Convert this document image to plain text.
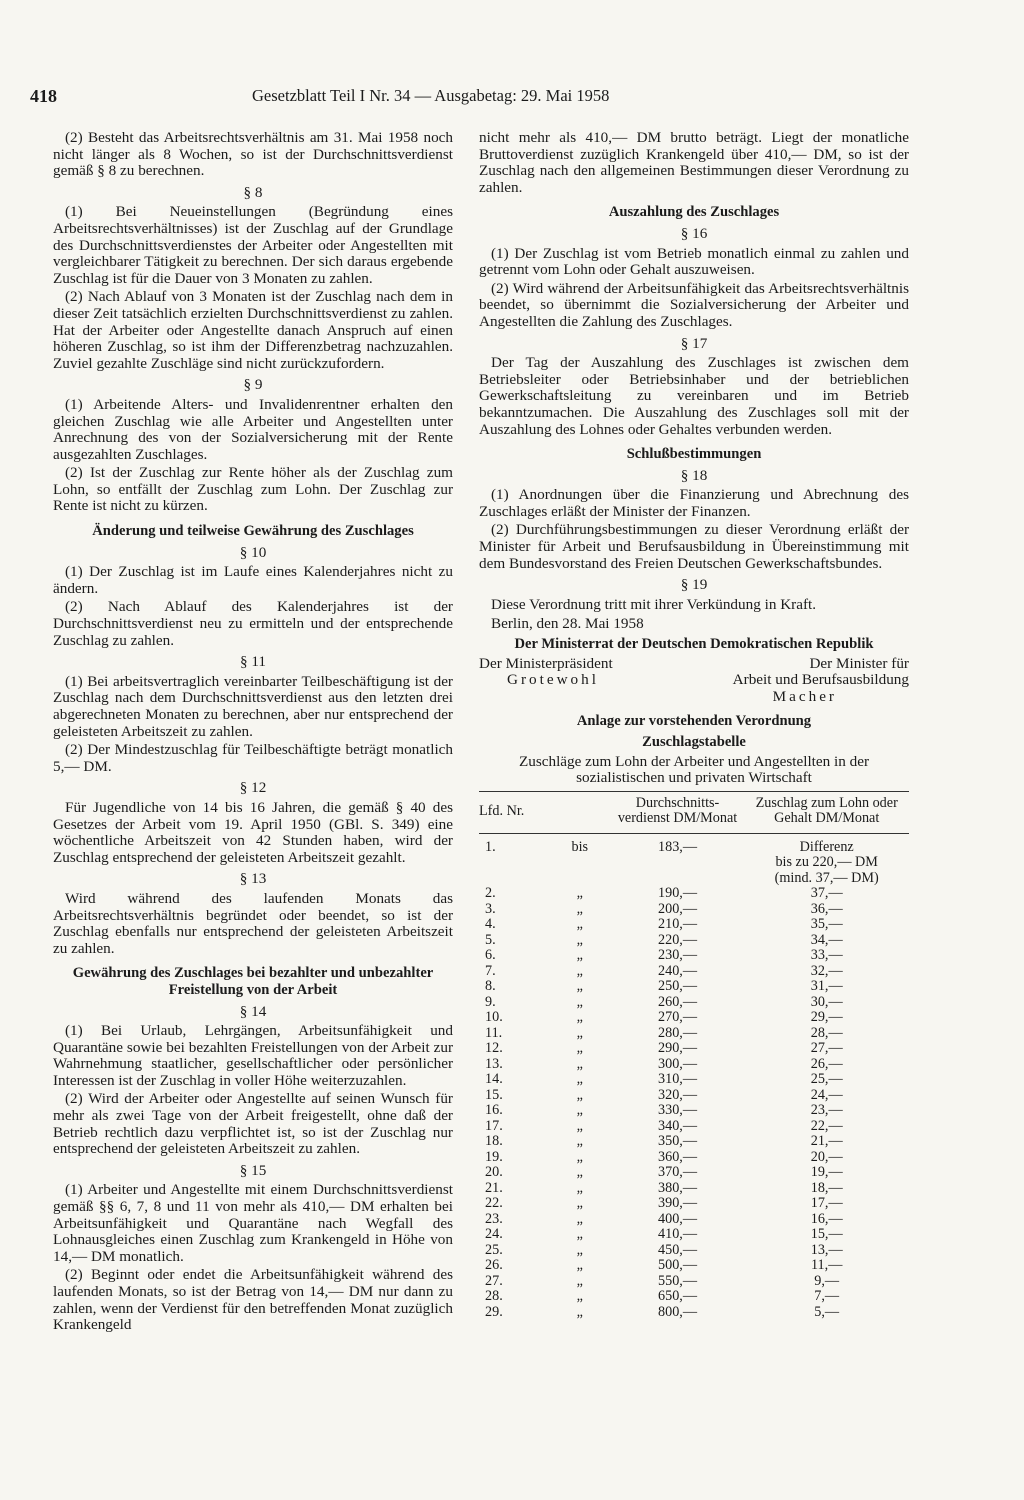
418	Gesetzblatt Teil I Nr. 34 — Ausgabetag: 29. Mai 1958

(2) Besteht das Arbeitsrechtsverhältnis am 31. Mai 1958 noch nicht länger als 8 Wochen, so ist der Durchschnittsverdienst gemäß § 8 zu berechnen.

§ 8

(1) Bei Neueinstellungen (Begründung eines Arbeitsrechtsverhältnisses) ist der Zuschlag auf der Grundlage des Durchschnittsverdienstes der Arbeiter oder Angestellten mit vergleichbarer Tätigkeit zu berechnen. Der sich daraus ergebende Zuschlag ist für die Dauer von 3 Monaten zu zahlen.

(2) Nach Ablauf von 3 Monaten ist der Zuschlag nach dem in dieser Zeit tatsächlich erzielten Durchschnittsverdienst zu zahlen. Hat der Arbeiter oder Angestellte danach Anspruch auf einen höheren Zuschlag, so ist ihm der Differenzbetrag nachzuzahlen. Zuviel gezahlte Zuschläge sind nicht zurückzufordern.

§ 9

(1) Arbeitende Alters- und Invalidenrentner erhalten den gleichen Zuschlag wie alle Arbeiter und Angestellten unter Anrechnung des von der Sozialversicherung mit der Rente ausgezahlten Zuschlages.

(2) Ist der Zuschlag zur Rente höher als der Zuschlag zum Lohn, so entfällt der Zuschlag zum Lohn. Der Zuschlag zur Rente ist nicht zu kürzen.

Änderung und teilweise Gewährung des Zuschlages
§ 10

(1) Der Zuschlag ist im Laufe eines Kalenderjahres nicht zu ändern.

(2) Nach Ablauf des Kalenderjahres ist der Durchschnittsverdienst neu zu ermitteln und der entsprechende Zuschlag zu zahlen.

§ 11

(1) Bei arbeitsvertraglich vereinbarter Teilbeschäftigung ist der Zuschlag nach dem Durchschnittsverdienst aus den letzten drei abgerechneten Monaten zu berechnen, aber nur entsprechend der geleisteten Arbeitszeit zu zahlen.

(2) Der Mindestzuschlag für Teilbeschäftigte beträgt monatlich 5,— DM.

§ 12

Für Jugendliche von 14 bis 16 Jahren, die gemäß § 40 des Gesetzes der Arbeit vom 19. April 1950 (GBl. S. 349) eine wöchentliche Arbeitszeit von 42 Stunden haben, wird der Zuschlag entsprechend der geleisteten Arbeitszeit gezahlt.

§ 13

Wird während des laufenden Monats das Arbeitsrechtsverhältnis begründet oder beendet, so ist der Zuschlag ebenfalls nur entsprechend der geleisteten Arbeitszeit zu zahlen.

Gewährung des Zuschlages bei bezahlter und unbezahlter Freistellung von der Arbeit
§ 14

(1) Bei Urlaub, Lehrgängen, Arbeitsunfähigkeit und Quarantäne sowie bei bezahlten Freistellungen von der Arbeit zur Wahrnehmung staatlicher, gesellschaftlicher oder persönlicher Interessen ist der Zuschlag in voller Höhe weiterzuzahlen.

(2) Wird der Arbeiter oder Angestellte auf seinen Wunsch für mehr als zwei Tage von der Arbeit freigestellt, ohne daß der Betrieb rechtlich dazu verpflichtet ist, so ist der Zuschlag nur entsprechend der geleisteten Arbeitszeit zu zahlen.

§ 15

(1) Arbeiter und Angestellte mit einem Durchschnittsverdienst gemäß §§ 6, 7, 8 und 11 von mehr als 410,— DM erhalten bei Arbeitsunfähigkeit und Quarantäne nach Wegfall des Lohnausgleiches einen Zuschlag zum Krankengeld in Höhe von 14,— DM monatlich.

(2) Beginnt oder endet die Arbeitsunfähigkeit während des laufenden Monats, so ist der Betrag von 14,— DM nur dann zu zahlen, wenn der Verdienst für den betreffenden Monat zuzüglich Krankengeld

nicht mehr als 410,— DM brutto beträgt. Liegt der monatliche Bruttoverdienst zuzüglich Krankengeld über 410,— DM, so ist der Zuschlag nach den allgemeinen Bestimmungen dieser Verordnung zu zahlen.

Auszahlung des Zuschlages
§ 16

(1) Der Zuschlag ist vom Betrieb monatlich einmal zu zahlen und getrennt vom Lohn oder Gehalt auszuweisen.

(2) Wird während der Arbeitsunfähigkeit das Arbeitsrechtsverhältnis beendet, so übernimmt die Sozialversicherung der Arbeiter und Angestellten die Zahlung des Zuschlages.

§ 17

Der Tag der Auszahlung des Zuschlages ist zwischen dem Betriebsleiter oder Betriebsinhaber und der betrieblichen Gewerkschaftsleitung zu vereinbaren und im Betrieb bekanntzumachen. Die Auszahlung des Zuschlages soll mit der Auszahlung des Lohnes oder Gehaltes verbunden werden.

Schlußbestimmungen
§ 18

(1) Anordnungen über die Finanzierung und Abrechnung des Zuschlages erläßt der Minister der Finanzen.

(2) Durchführungsbestimmungen zu dieser Verordnung erläßt der Minister für Arbeit und Berufsausbildung in Übereinstimmung mit dem Bundesvorstand des Freien Deutschen Gewerkschaftsbundes.

§ 19

Diese Verordnung tritt mit ihrer Verkündung in Kraft.

Berlin, den 28. Mai 1958

Der Ministerrat der Deutschen Demokratischen Republik
Der Ministerpräsident	Der Minister für
Grotewohl	Arbeit und Berufsausbildung
Macher
Anlage zur vorstehenden Verordnung
Zuschlagstabelle
Zuschläge zum Lohn der Arbeiter und Angestellten in der sozialistischen und privaten Wirtschaft
Lfd. Nr.		Durchschnitts-verdienst DM/Monat	Zuschlag zum Lohn oder Gehalt DM/Monat
1.	bis	183,—	Differenz
bis zu 220,— DM
(mind. 37,— DM)

2.	„	190,—	37,—
3.	„	200,—	36,—
4.	„	210,—	35,—
5.	„	220,—	34,—
6.	„	230,—	33,—
7.	„	240,—	32,—
8.	„	250,—	31,—
9.	„	260,—	30,—
10.	„	270,—	29,—
11.	„	280,—	28,—
12.	„	290,—	27,—
13.	„	300,—	26,—
14.	„	310,—	25,—
15.	„	320,—	24,—
16.	„	330,—	23,—
17.	„	340,—	22,—
18.	„	350,—	21,—
19.	„	360,—	20,—
20.	„	370,—	19,—
21.	„	380,—	18,—
22.	„	390,—	17,—
23.	„	400,—	16,—
24.	„	410,—	15,—
25.	„	450,—	13,—
26.	„	500,—	11,—
27.	„	550,—	9,—
28.	„	650,—	7,—
29.	„	800,—	5,—
